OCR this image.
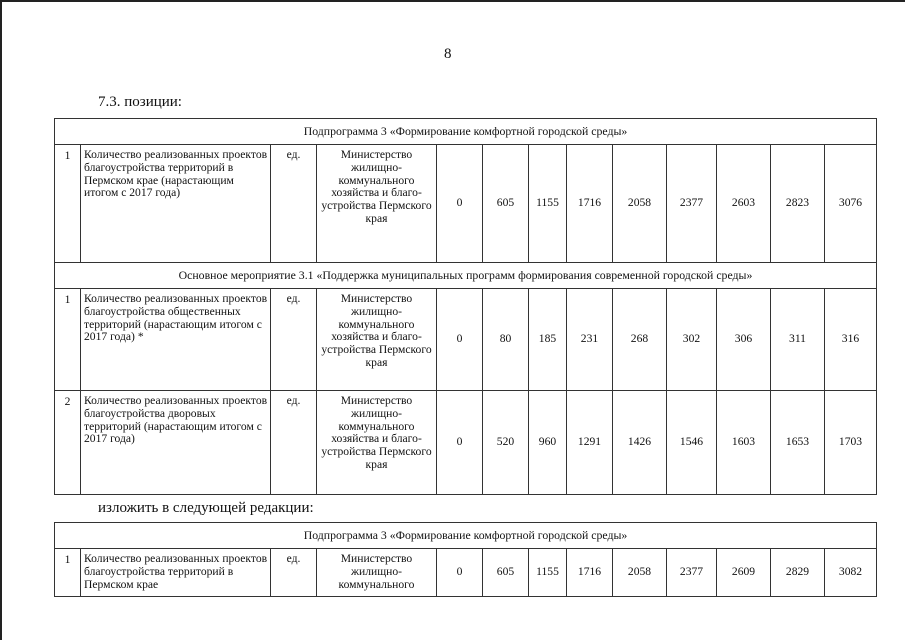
8
7.3. позиции:
Подпрограмма 3 «Формирование комфортной городской среды»												
1	Количество реализованных проектов благоустройства территорий в Пермском крае (нарастающим итогом с 2017 года)	ед.	Министерство жилищно-коммунального хозяйства и благо-устройства Пермского края	0	605	1155	1716	2058	2377	2603	2823	3076
Основное мероприятие 3.1 «Поддержка муниципальных программ формирования современной городской среды»												
1	Количество реализованных проектов благоустройства общественных территорий (нарастающим итогом с 2017 года) *	ед.	Министерство жилищно-коммунального хозяйства и благо-устройства Пермского края	0	80	185	231	268	302	306	311	316
2	Количество реализованных проектов благоустройства дворовых территорий (нарастающим итогом с 2017 года)	ед.	Министерство жилищно-коммунального хозяйства и благо-устройства Пермского края	0	520	960	1291	1426	1546	1603	1653	1703
изложить в следующей редакции:
Подпрограмма 3 «Формирование комфортной городской среды»
1	Количество реализованных проектов благоустройства территорий в Пермском крае	ед.	Министерство жилищно-коммунального	0	605	1155	1716	2058	2377	2609	2829	3082
